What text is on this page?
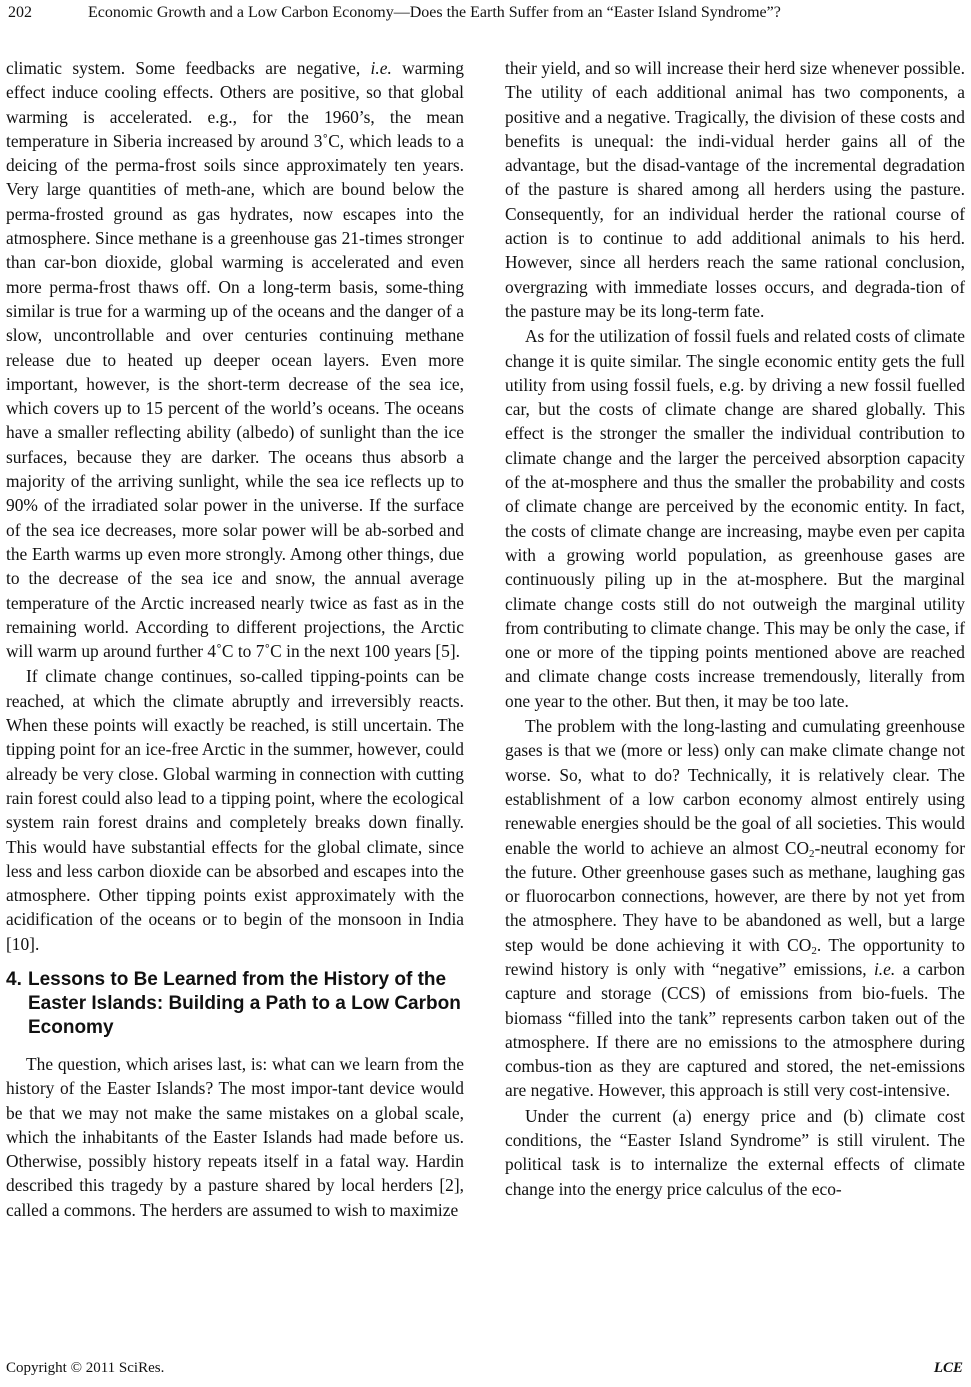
202	Economic Growth and a Low Carbon Economy—Does the Earth Suffer from an “Easter Island Syndrome”?

climatic system. Some feedbacks are negative, i.e. warming effect induce cooling effects. Others are positive, so that global warming is accelerated. e.g., for the 1960’s, the mean temperature in Siberia increased by around 3˚C, which leads to a deicing of the perma-frost soils since approximately ten years. Very large quantities of meth-ane, which are bound below the perma-frosted ground as gas hydrates, now escapes into the atmosphere. Since methane is a greenhouse gas 21-times stronger than car-bon dioxide, global warming is accelerated and even more perma-frost thaws off. On a long-term basis, some-thing similar is true for a warming up of the oceans and the danger of a slow, uncontrollable and over centuries continuing methane release due to heated up deeper ocean layers. Even more important, however, is the short-term decrease of the sea ice, which covers up to 15 percent of the world’s oceans. The oceans have a smaller reflecting ability (albedo) of sunlight than the ice surfaces, because they are darker. The oceans thus absorb a majority of the arriving sunlight, while the sea ice reflects up to 90% of the irradiated solar power in the universe. If the surface of the sea ice decreases, more solar power will be ab-sorbed and the Earth warms up even more strongly. Among other things, due to the decrease of the sea ice and snow, the annual average temperature of the Arctic increased nearly twice as fast as in the remaining world. According to different projections, the Arctic will warm up around further 4˚C to 7˚C in the next 100 years [5].

If climate change continues, so-called tipping-points can be reached, at which the climate abruptly and irreversibly reacts. When these points will exactly be reached, is still uncertain. The tipping point for an ice-free Arctic in the summer, however, could already be very close. Global warming in connection with cutting rain forest could also lead to a tipping point, where the ecological system rain forest drains and completely breaks down finally. This would have substantial effects for the global climate, since less and less carbon dioxide can be absorbed and escapes into the atmosphere. Other tipping points exist approximately with the acidification of the oceans or to begin of the monsoon in India [10].

4. Lessons to Be Learned from the History of the Easter Islands: Building a Path to a Low Carbon Economy

The question, which arises last, is: what can we learn from the history of the Easter Islands? The most impor-tant device would be that we may not make the same mistakes on a global scale, which the inhabitants of the Easter Islands had made before us. Otherwise, possibly history repeats itself in a fatal way. Hardin described this tragedy by a pasture shared by local herders [2], called a commons. The herders are assumed to wish to maximize

their yield, and so will increase their herd size whenever possible. The utility of each additional animal has two components, a positive and a negative. Tragically, the division of these costs and benefits is unequal: the indi-vidual herder gains all of the advantage, but the disad-vantage of the incremental degradation of the pasture is shared among all herders using the pasture. Consequently, for an individual herder the rational course of action is to continue to add additional animals to his herd. However, since all herders reach the same rational conclusion, overgrazing with immediate losses occurs, and degrada-tion of the pasture may be its long-term fate.

As for the utilization of fossil fuels and related costs of climate change it is quite similar. The single economic entity gets the full utility from using fossil fuels, e.g. by driving a new fossil fuelled car, but the costs of climate change are shared globally. This effect is the stronger the smaller the individual contribution to climate change and the larger the perceived absorption capacity of the at-mosphere and thus the smaller the probability and costs of climate change are perceived by the economic entity. In fact, the costs of climate change are increasing, maybe even per capita with a growing world population, as greenhouse gases are continuously piling up in the at-mosphere. But the marginal climate change costs still do not outweigh the marginal utility from contributing to climate change. This may be only the case, if one or more of the tipping points mentioned above are reached and climate change costs increase tremendously, literally from one year to the other. But then, it may be too late.

The problem with the long-lasting and cumulating greenhouse gases is that we (more or less) only can make climate change not worse. So, what to do? Technically, it is relatively clear. The establishment of a low carbon economy almost entirely using renewable energies should be the goal of all societies. This would enable the world to achieve an almost $CO_2$-neutral economy for the future. Other greenhouse gases such as methane, laughing gas or fluorocarbon connections, however, are there by not yet from the atmosphere. They have to be abandoned as well, but a large step would be done achieving it with $CO_2$. The opportunity to rewind history is only with “negative” emissions, i.e. a carbon capture and storage (CCS) of emissions from bio-fuels. The biomass “filled into the tank” represents carbon taken out of the atmosphere. If there are no emissions to the atmosphere during combus-tion as they are captured and stored, the net-emissions are negative. However, this approach is still very cost-intensive.

Under the current (a) energy price and (b) climate cost conditions, the “Easter Island Syndrome” is still virulent. The political task is to internalize the external effects of climate change into the energy price calculus of the eco-

Copyright © 2011 SciRes.	LCE
